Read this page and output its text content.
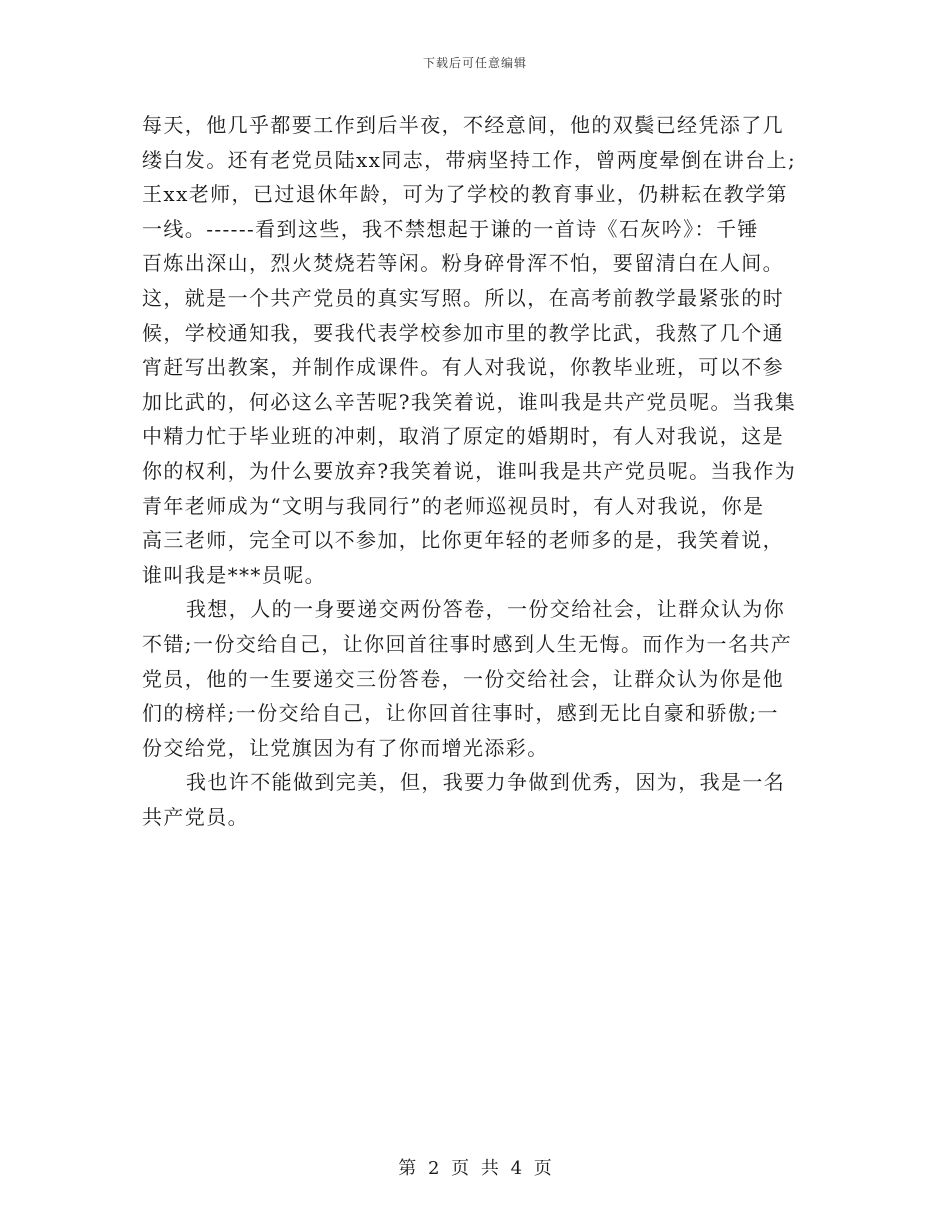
下载后可任意编辑
每天，他几乎都要工作到后半夜，不经意间，他的双鬓已经凭添了几
缕白发。还有老党员陆xx同志，带病坚持工作，曾两度晕倒在讲台上;
王xx老师，已过退休年龄，可为了学校的教育事业，仍耕耘在教学第
一线。------看到这些，我不禁想起于谦的一首诗《石灰吟》：千锤
百炼出深山，烈火焚烧若等闲。粉身碎骨浑不怕，要留清白在人间。
这，就是一个共产党员的真实写照。所以，在高考前教学最紧张的时
候，学校通知我，要我代表学校参加市里的教学比武，我熬了几个通
宵赶写出教案，并制作成课件。有人对我说，你教毕业班，可以不参
加比武的，何必这么辛苦呢?我笑着说，谁叫我是共产党员呢。当我集
中精力忙于毕业班的冲刺，取消了原定的婚期时，有人对我说，这是
你的权利，为什么要放弃?我笑着说，谁叫我是共产党员呢。当我作为
青年老师成为“文明与我同行”的老师巡视员时，有人对我说，你是
高三老师，完全可以不参加，比你更年轻的老师多的是，我笑着说，
谁叫我是***员呢。
我想，人的一身要递交两份答卷，一份交给社会，让群众认为你
不错;一份交给自己，让你回首往事时感到人生无悔。而作为一名共产
党员，他的一生要递交三份答卷，一份交给社会，让群众认为你是他
们的榜样;一份交给自己，让你回首往事时，感到无比自豪和骄傲;一
份交给党，让党旗因为有了你而增光添彩。
我也许不能做到完美，但，我要力争做到优秀，因为，我是一名
共产党员。
第 2 页 共 4 页
